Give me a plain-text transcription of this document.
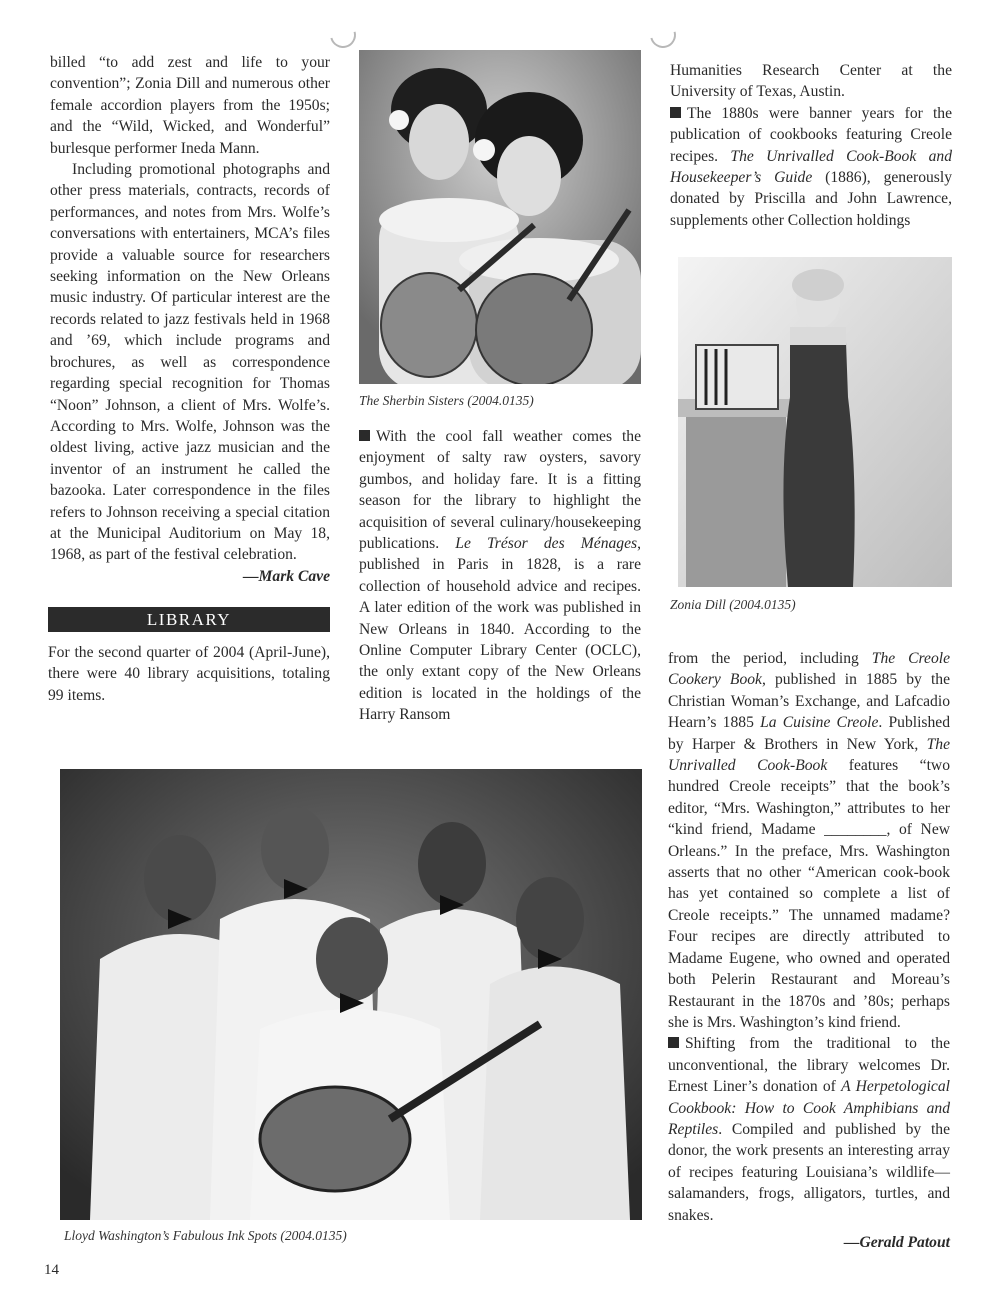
billed “to add zest and life to your convention”; Zonia Dill and numerous other female accordion players from the 1950s; and the “Wild, Wicked, and Wonderful” burlesque performer Ineda Mann.

Including promotional photographs and other press materials, contracts, records of performances, and notes from Mrs. Wolfe’s conversations with entertainers, MCA’s files provide a valuable source for researchers seeking information on the New Orleans music industry. Of particular interest are the records related to jazz festivals held in 1968 and ’69, which include programs and brochures, as well as correspondence regarding special recognition for Thomas “Noon” Johnson, a client of Mrs. Wolfe’s. According to Mrs. Wolfe, Johnson was the oldest living, active jazz musician and the inventor of an instrument he called the bazooka. Later correspondence in the files refers to Johnson receiving a special citation at the Municipal Auditorium on May 18, 1968, as part of the festival celebration.

—Mark Cave

LIBRARY

For the second quarter of 2004 (April-June), there were 40 library acquisitions, totaling 99 items.

The Sherbin Sisters (2004.0135)

With the cool fall weather comes the enjoyment of salty raw oysters, savory gumbos, and holiday fare. It is a fitting season for the library to highlight the acquisition of several culinary/housekeeping publications. Le Trésor des Ménages, published in Paris in 1828, is a rare collection of household advice and recipes. A later edition of the work was published in New Orleans in 1840. According to the Online Computer Library Center (OCLC), the only extant copy of the New Orleans edition is located in the holdings of the Harry Ransom

Humanities Research Center at the University of Texas, Austin.

The 1880s were banner years for the publication of cookbooks featuring Creole recipes. The Unrivalled Cook-Book and Housekeeper’s Guide (1886), generously donated by Priscilla and John Lawrence, supplements other Collection holdings

Zonia Dill (2004.0135)

from the period, including The Creole Cookery Book, published in 1885 by the Christian Woman’s Exchange, and Lafcadio Hearn’s 1885 La Cuisine Creole. Published by Harper & Brothers in New York, The Unrivalled Cook-Book features “two hundred Creole receipts” that the book’s editor, “Mrs. Washington,” attributes to her “kind friend, Madame ________, of New Orleans.” In the preface, Mrs. Washington asserts that no other “American cook-book has yet contained so complete a list of Creole receipts.” The unnamed madame? Four recipes are directly attributed to Madame Eugene, who owned and operated both Pelerin Restaurant and Moreau’s Restaurant in the 1870s and ’80s; perhaps she is Mrs. Washington’s kind friend.

Shifting from the traditional to the unconventional, the library welcomes Dr. Ernest Liner’s donation of A Herpetological Cookbook: How to Cook Amphibians and Reptiles. Compiled and published by the donor, the work presents an interesting array of recipes featuring Louisiana’s wildlife—salamanders, frogs, alligators, turtles, and snakes.

—Gerald Patout

Lloyd Washington’s Fabulous Ink Spots (2004.0135)
14
